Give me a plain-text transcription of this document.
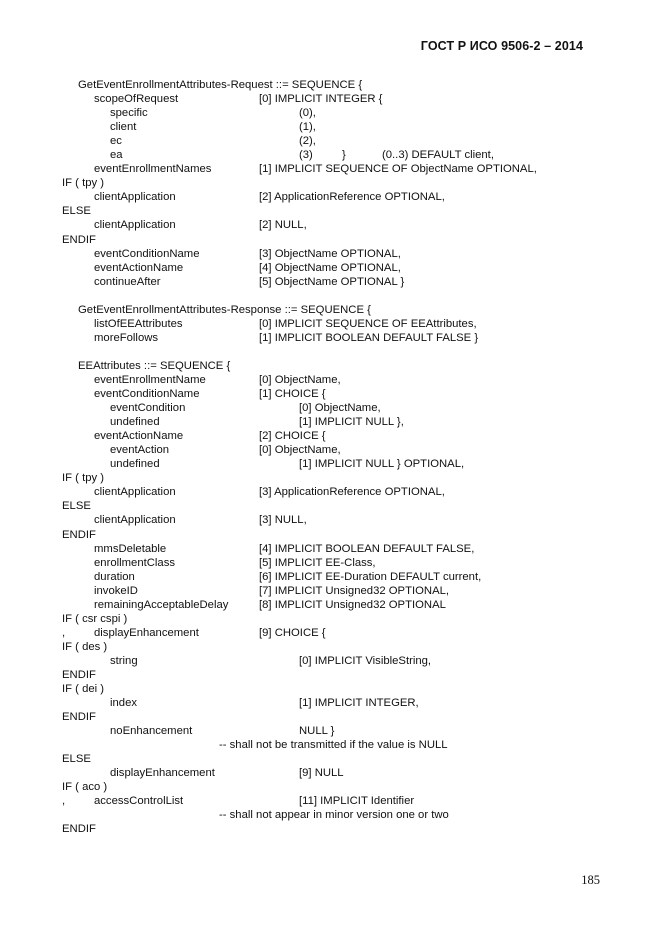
ГОСТ Р ИСО 9506-2 – 2014
GetEventEnrollmentAttributes-Request ::= SEQUENCE {
scopeOfRequest	[0] IMPLICIT INTEGER {
specific	(0),
client	(1),
ec	(2),
ea	(3)	}	(0..3) DEFAULT client,
eventEnrollmentNames	[1] IMPLICIT SEQUENCE OF ObjectName OPTIONAL,
IF ( tpy )
clientApplication	[2] ApplicationReference OPTIONAL,
ELSE
clientApplication	[2] NULL,
ENDIF
eventConditionName	[3] ObjectName OPTIONAL,
eventActionName	[4] ObjectName OPTIONAL,
continueAfter	[5] ObjectName OPTIONAL }
GetEventEnrollmentAttributes-Response ::= SEQUENCE {
listOfEEAttributes	[0] IMPLICIT SEQUENCE OF EEAttributes,
moreFollows	[1] IMPLICIT BOOLEAN DEFAULT FALSE }
EEAttributes ::= SEQUENCE {
eventEnrollmentName	[0] ObjectName,
eventConditionName	[1] CHOICE {
eventCondition	[0] ObjectName,
undefined	[1] IMPLICIT NULL },
eventActionName	[2] CHOICE {
eventAction	[0] ObjectName,
undefined	[1] IMPLICIT NULL } OPTIONAL,
IF ( tpy )
clientApplication	[3] ApplicationReference OPTIONAL,
ELSE
clientApplication	[3] NULL,
ENDIF
mmsDeletable	[4] IMPLICIT BOOLEAN DEFAULT FALSE,
enrollmentClass	[5] IMPLICIT EE-Class,
duration	[6] IMPLICIT EE-Duration DEFAULT current,
invokeID	[7] IMPLICIT Unsigned32 OPTIONAL,
remainingAcceptableDelay	[8] IMPLICIT Unsigned32 OPTIONAL
IF ( csr cspi )
,	displayEnhancement	[9] CHOICE {
IF ( des )
string	[0] IMPLICIT VisibleString,
ENDIF
IF ( dei )
index	[1] IMPLICIT INTEGER,
ENDIF
noEnhancement	NULL }
-- shall not be transmitted if the value is NULL
ELSE
displayEnhancement	[9] NULL
IF ( aco )
,	accessControlList	[11] IMPLICIT Identifier
-- shall not appear in minor version one or two
ENDIF
185
